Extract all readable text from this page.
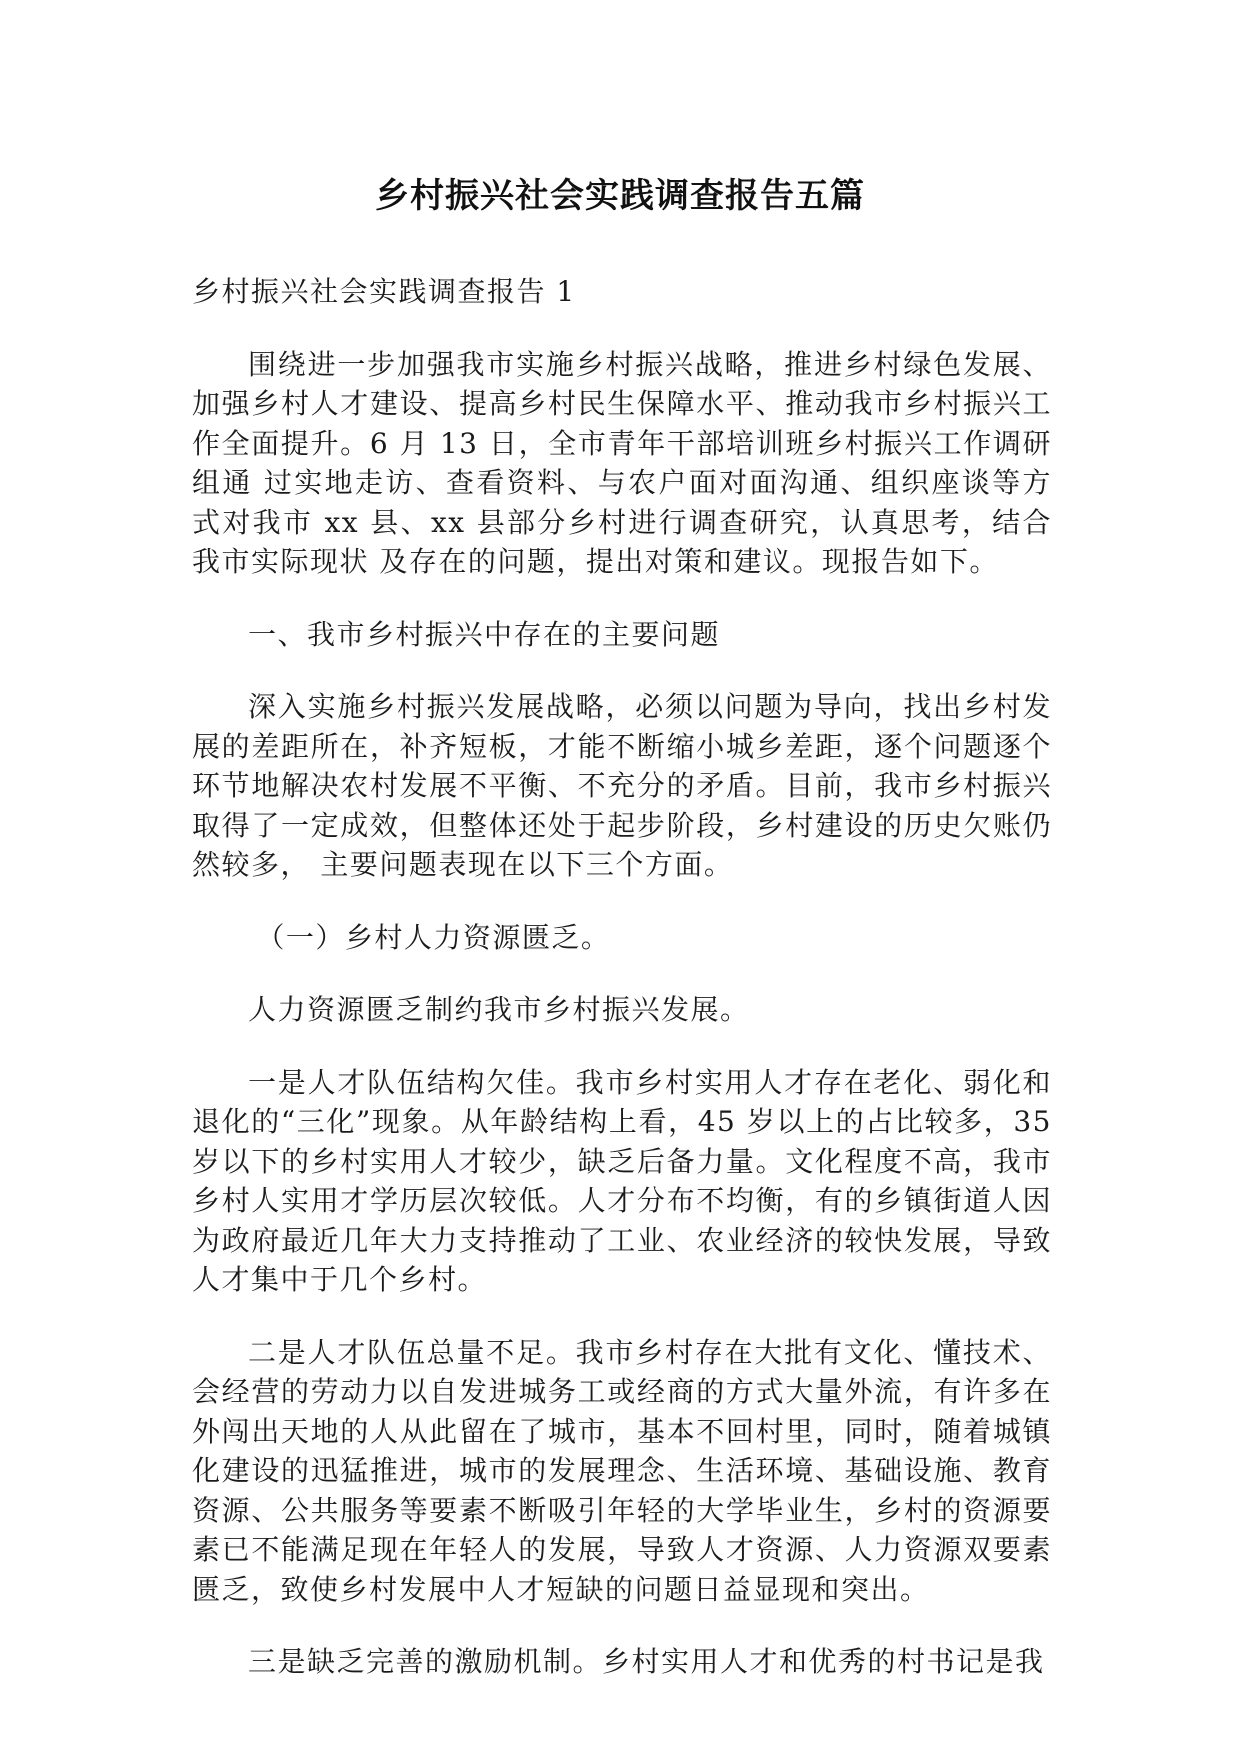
乡村振兴社会实践调查报告五篇

乡村振兴社会实践调查报告 1

围绕进一步加强我市实施乡村振兴战略，推进乡村绿色发展、加强乡村人才建设、提高乡村民生保障水平、推动我市乡村振兴工作全面提升。6 月 13 日，全市青年干部培训班乡村振兴工作调研组通 过实地走访、查看资料、与农户面对面沟通、组织座谈等方式对我市 xx 县、xx 县部分乡村进行调查研究，认真思考，结合我市实际现状 及存在的问题，提出对策和建议。现报告如下。

一、我市乡村振兴中存在的主要问题

深入实施乡村振兴发展战略，必须以问题为导向，找出乡村发展的差距所在，补齐短板，才能不断缩小城乡差距，逐个问题逐个环节地解决农村发展不平衡、不充分的矛盾。目前，我市乡村振兴取得了一定成效，但整体还处于起步阶段，乡村建设的历史欠账仍然较多， 主要问题表现在以下三个方面。

（一）乡村人力资源匮乏。

人力资源匮乏制约我市乡村振兴发展。

一是人才队伍结构欠佳。我市乡村实用人才存在老化、弱化和退化的“三化”现象。从年龄结构上看，45 岁以上的占比较多，35 岁以下的乡村实用人才较少，缺乏后备力量。文化程度不高，我市乡村人实用才学历层次较低。人才分布不均衡，有的乡镇街道人因为政府最近几年大力支持推动了工业、农业经济的较快发展，导致人才集中于几个乡村。

二是人才队伍总量不足。我市乡村存在大批有文化、懂技术、会经营的劳动力以自发进城务工或经商的方式大量外流，有许多在外闯出天地的人从此留在了城市，基本不回村里，同时，随着城镇化建设的迅猛推进，城市的发展理念、生活环境、基础设施、教育资源、公共服务等要素不断吸引年轻的大学毕业生，乡村的资源要素已不能满足现在年轻人的发展，导致人才资源、人力资源双要素匮乏，致使乡村发展中人才短缺的问题日益显现和突出。

三是缺乏完善的激励机制。乡村实用人才和优秀的村书记是我
